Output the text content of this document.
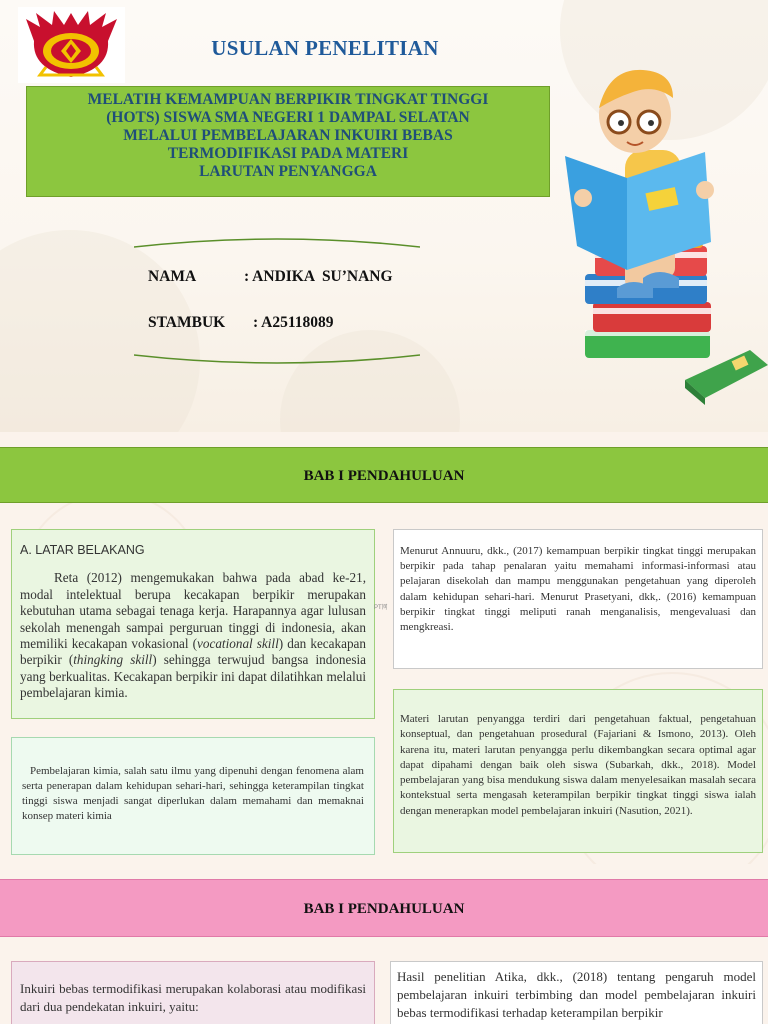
USULAN PENELITIAN
MELATIH KEMAMPUAN BERPIKIR TINGKAT TINGGI
(HOTS) SISWA SMA NEGERI 1 DAMPAL SELATAN
MELALUI PEMBELAJARAN INKUIRI BEBAS
TERMODIFIKASI PADA MATERI
LARUTAN PENYANGGA
NAMA	: ANDIKA  SU’NANG
STAMBUK : A25118089
BAB I PENDAHULUAN
A. LATAR BELAKANG
Reta (2012) mengemukakan bahwa pada abad ke-21, modal intelektual berupa kecakapan berpikir merupakan kebutuhan utama sebagai tenaga kerja. Harapannya agar lulusan sekolah menengah sampai perguruan tinggi di indonesia, akan memiliki kecakapan vokasional (vocational skill) dan kecakapan berpikir (thingking skill) sehingga terwujud bangsa indonesia yang berkualitas. Kecakapan berpikir ini dapat dilatihkan melalui pembelajaran kimia.
Pembelajaran kimia, salah satu ilmu yang dipenuhi dengan fenomena alam serta penerapan dalam kehidupan sehari-hari, sehingga keterampilan tingkat tinggi siswa menjadi sangat diperlukan dalam memahami dan memaknai konsep materi kimia
Menurut Annuuru, dkk., (2017) kemampuan berpikir tingkat tinggi merupakan berpikir pada tahap penalaran yaitu memahami informasi-informasi atau pelajaran disekolah dan mampu menggunakan pengetahuan yang diperoleh dalam kehidupan sehari-hari. Menurut Prasetyani, dkk,. (2016) kemampuan berpikir tingkat tinggi meliputi ranah menganalisis, mengevaluasi dan mengkreasi.
Materi larutan penyangga terdiri dari pengetahuan faktual, pengetahuan konseptual, dan pengetahuan prosedural (Fajariani & Ismono, 2013). Oleh karena itu, materi larutan penyangga perlu dikembangkan secara optimal agar dapat dipahami dengan baik oleh siswa (Subarkah, dkk., 2018). Model pembelajaran yang bisa mendukung siswa dalam menyelesaikan masalah secara kontekstual serta mengasah keterampilan berpikir tingkat tinggi siswa ialah dengan menerapkan model pembelajaran inkuiri (Nasution, 2021).
PT网
BAB I PENDAHULUAN
Inkuiri bebas termodifikasi merupakan kolaborasi atau modifikasi dari dua pendekatan inkuiri, yaitu:
Hasil penelitian Atika, dkk., (2018) tentang pengaruh model pembelajaran inkuiri terbimbing dan model pembelajaran inkuiri bebas termodifikasi terhadap keterampilan berpikir
